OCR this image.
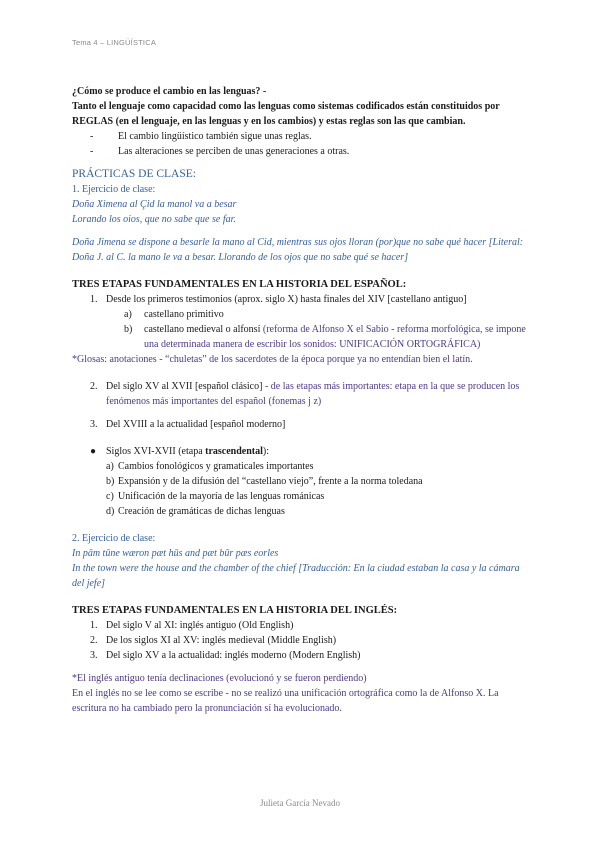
Tema 4 – LINGÜÍSTICA
¿Cómo se produce el cambio en las lenguas? -
Tanto el lenguaje como capacidad como las lenguas como sistemas codificados están constituidos por REGLAS (en el lenguaje, en las lenguas y en los cambios) y estas reglas son las que cambian.
- El cambio lingüístico también sigue unas reglas.
- Las alteraciones se perciben de unas generaciones a otras.
PRÁCTICAS DE CLASE:
1. Ejercicio de clase:
Doña Ximena al Çid la manol va a besar
Lorando los oios, que no sabe que se far.
Doña Jimena se dispone a besarle la mano al Cid, mientras sus ojos lloran (por)que no sabe qué hacer [Literal: Doña J. al C. la mano le va a besar. Llorando de los ojos que no sabe qué se hacer]
TRES ETAPAS FUNDAMENTALES EN LA HISTORIA DEL ESPAÑOL:
1. Desde los primeros testimonios (aprox. siglo X) hasta finales del XIV [castellano antiguo]
a) castellano primitivo
b) castellano medieval o alfonsí (reforma de Alfonso X el Sabio - reforma morfológica, se impone una determinada manera de escribir los sonidos: UNIFICACIÓN ORTOGRÁFICA)
*Glosas: anotaciones - “chuletas” de los sacerdotes de la época porque ya no entendían bien el latín.
2. Del siglo XV al XVII [español clásico] - de las etapas más importantes: etapa en la que se producen los fenómenos más importantes del español (fonemas j z)
3. Del XVIII a la actualidad [español moderno]
● Siglos XVI-XVII (etapa trascendental):
a) Cambios fonológicos y gramaticales importantes
b) Expansión y de la difusión del “castellano viejo”, frente a la norma toledana
c) Unificación de la mayoría de las lenguas románicas
d) Creación de gramáticas de dichas lenguas
2. Ejercicio de clase:
In pām tūne wæron pæt hūs and pæt būr pæs eorles
In the town were the house and the chamber of the chief [Traducción: En la ciudad estaban la casa y la cámara del jefe]
TRES ETAPAS FUNDAMENTALES EN LA HISTORIA DEL INGLÉS:
1. Del siglo V al XI: inglés antiguo (Old English)
2. De los siglos XI al XV: inglés medieval (Middle English)
3. Del siglo XV a la actualidad: inglés moderno (Modern English)
*El inglés antiguo tenía declinaciones (evolucionó y se fueron perdiendo)
En el inglés no se lee como se escribe - no se realizó una unificación ortográfica como la de Alfonso X. La escritura no ha cambiado pero la pronunciación sí ha evolucionado.
Julieta García Nevado
